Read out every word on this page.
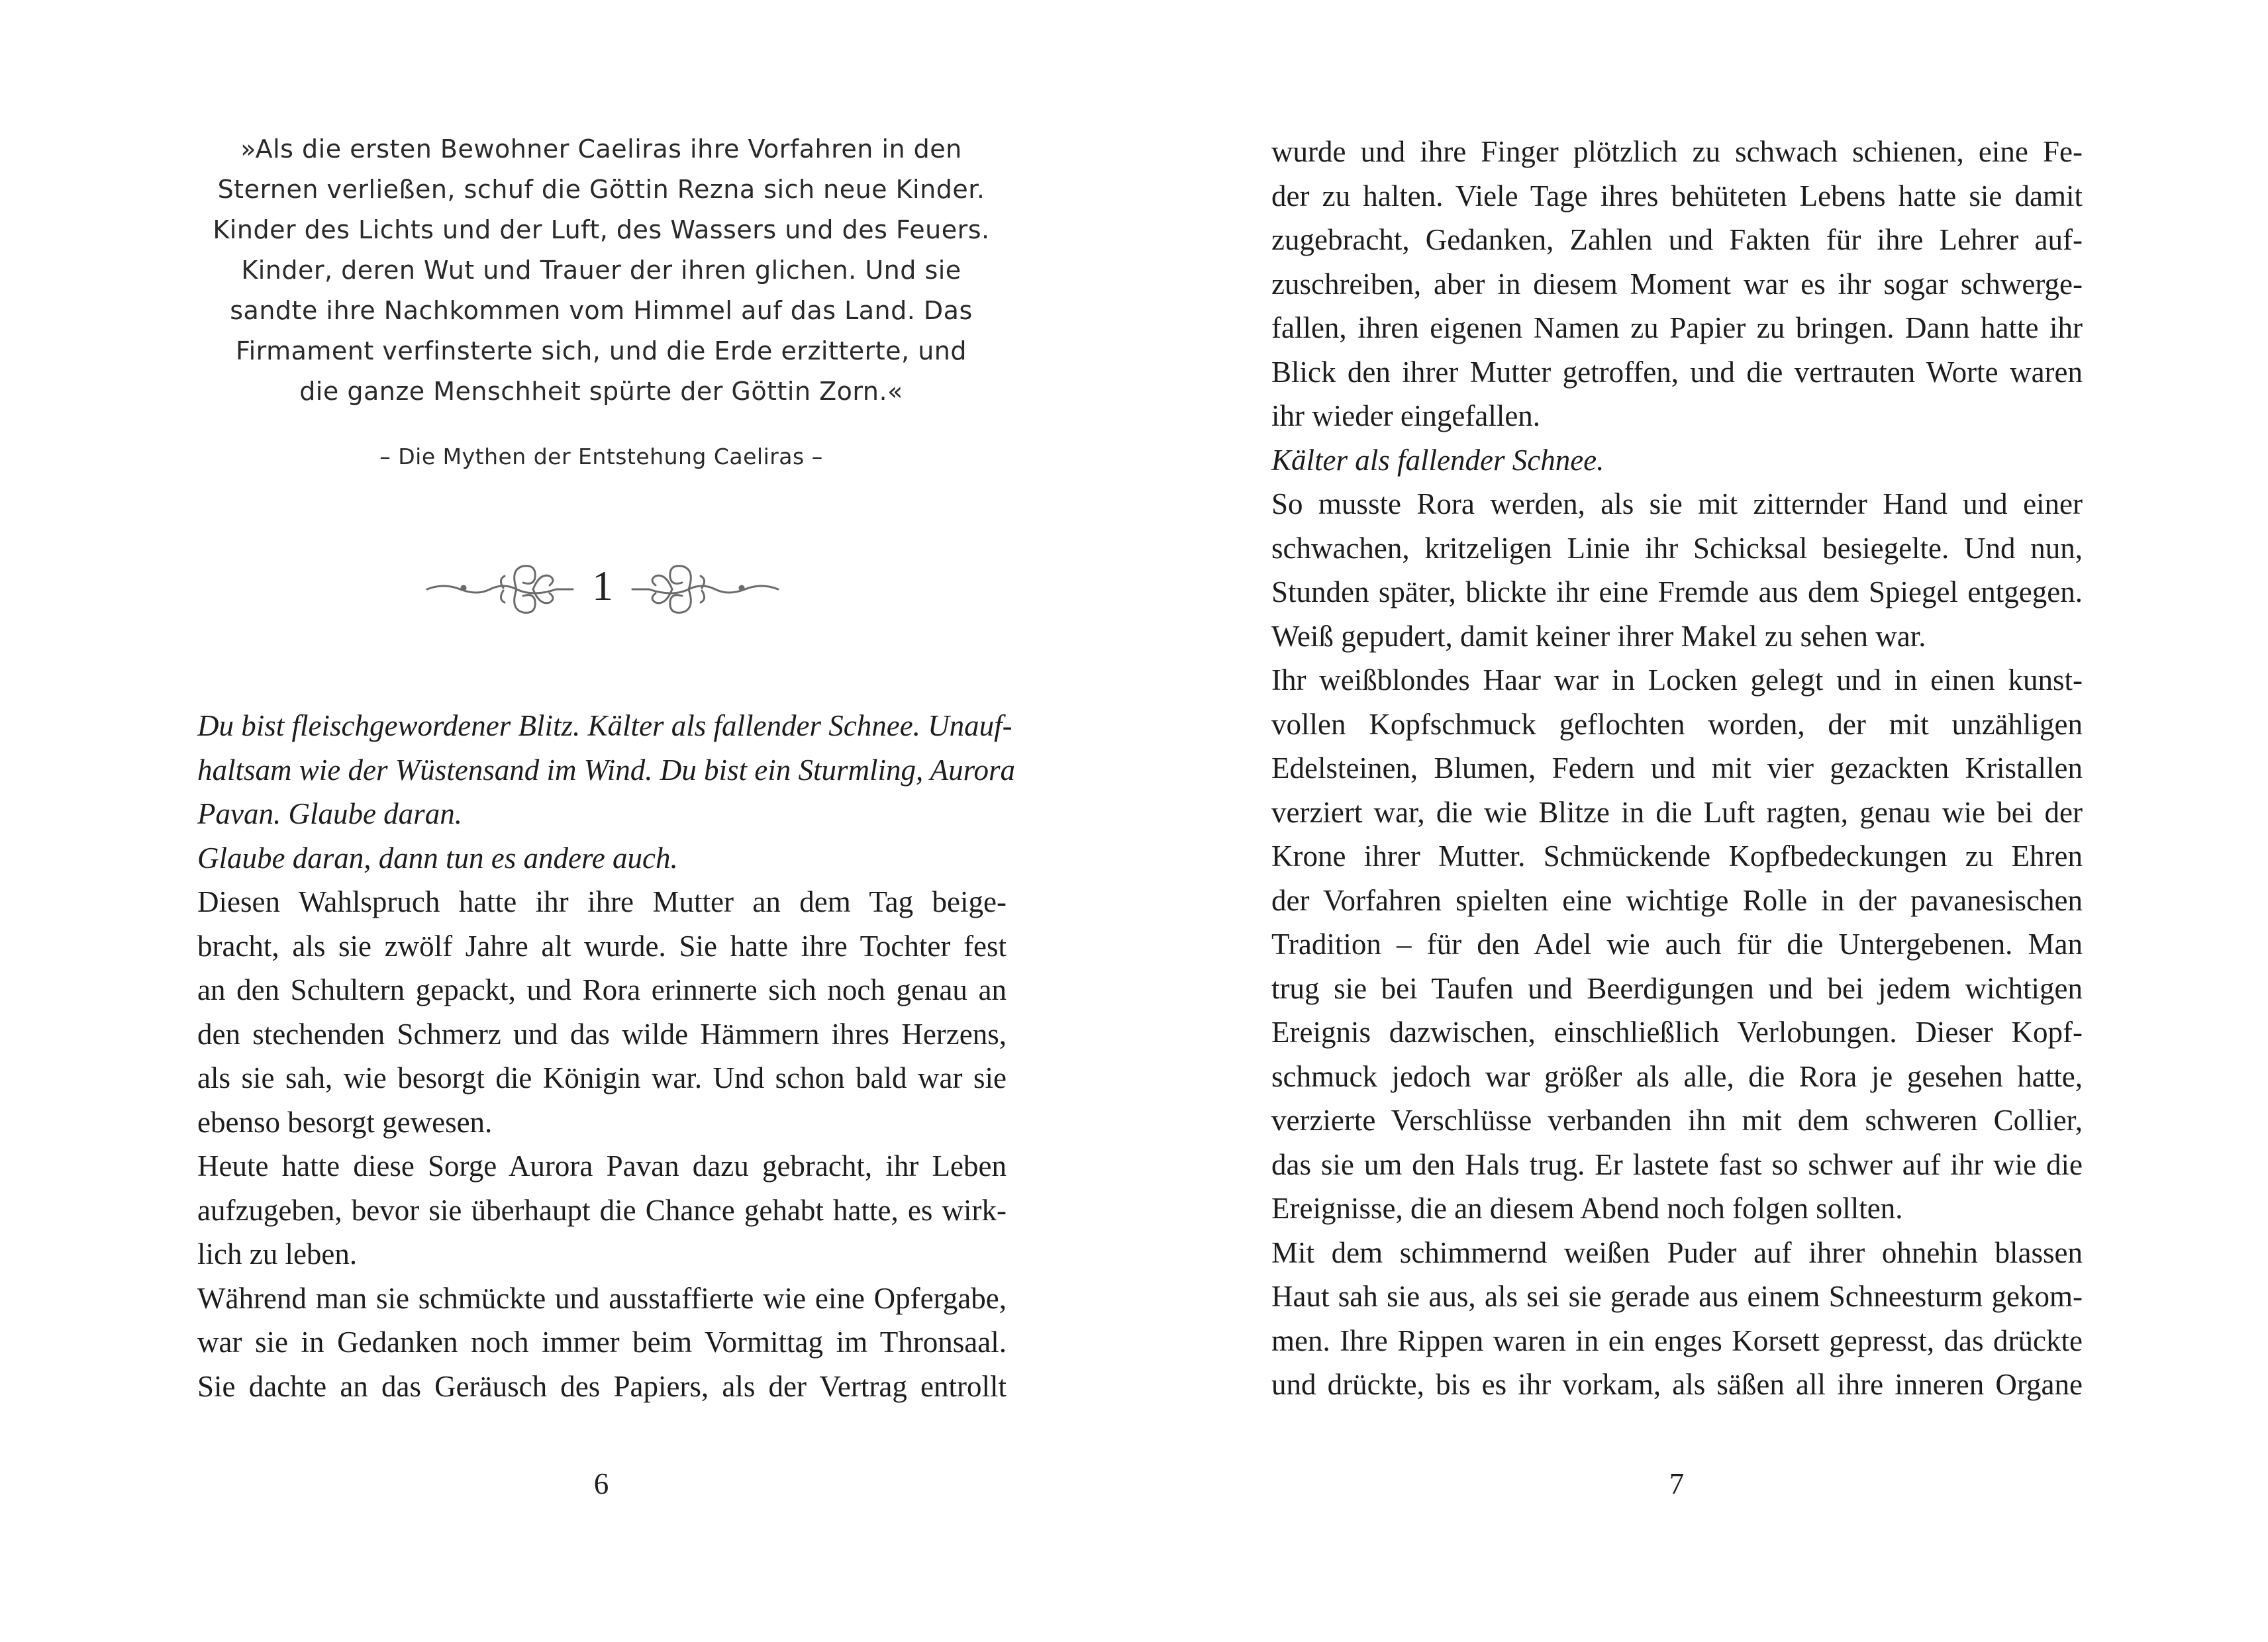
»Als die ersten Bewohner Caeliras ihre Vorfahren in den
Sternen verließen, schuf die Göttin Rezna sich neue Kinder.
Kinder des Lichts und der Luft, des Wassers und des Feuers.
Kinder, deren Wut und Trauer der ihren glichen. Und sie
sandte ihre Nachkommen vom Himmel auf das Land. Das
Firmament verfinsterte sich, und die Erde erzitterte, und
die ganze Menschheit spürte der Göttin Zorn.«
– Die Mythen der Entstehung Caeliras –
1
Du bist fleischgewordener Blitz. Kälter als fallender Schnee. Unauf-
haltsam wie der Wüstensand im Wind. Du bist ein Sturmling, Aurora
Pavan. Glaube daran.
Glaube daran, dann tun es andere auch.
Diesen Wahlspruch hatte ihr ihre Mutter an dem Tag beige-
bracht, als sie zwölf Jahre alt wurde. Sie hatte ihre Tochter fest
an den Schultern gepackt, und Rora erinnerte sich noch genau an
den stechenden Schmerz und das wilde Hämmern ihres Herzens,
als sie sah, wie besorgt die Königin war. Und schon bald war sie
ebenso besorgt gewesen.
Heute hatte diese Sorge Aurora Pavan dazu gebracht, ihr Leben
aufzugeben, bevor sie überhaupt die Chance gehabt hatte, es wirk-
lich zu leben.
Während man sie schmückte und ausstaffierte wie eine Opfergabe,
war sie in Gedanken noch immer beim Vormittag im Thronsaal.
Sie dachte an das Geräusch des Papiers, als der Vertrag entrollt
6
wurde und ihre Finger plötzlich zu schwach schienen, eine Fe-
der zu halten. Viele Tage ihres behüteten Lebens hatte sie damit
zugebracht, Gedanken, Zahlen und Fakten für ihre Lehrer auf-
zuschreiben, aber in diesem Moment war es ihr sogar schwerge-
fallen, ihren eigenen Namen zu Papier zu bringen. Dann hatte ihr
Blick den ihrer Mutter getroffen, und die vertrauten Worte waren
ihr wieder eingefallen.
Kälter als fallender Schnee.
So musste Rora werden, als sie mit zitternder Hand und einer
schwachen, kritzeligen Linie ihr Schicksal besiegelte. Und nun,
Stunden später, blickte ihr eine Fremde aus dem Spiegel entgegen.
Weiß gepudert, damit keiner ihrer Makel zu sehen war.
Ihr weißblondes Haar war in Locken gelegt und in einen kunst-
vollen Kopfschmuck geflochten worden, der mit unzähligen
Edelsteinen, Blumen, Federn und mit vier gezackten Kristallen
verziert war, die wie Blitze in die Luft ragten, genau wie bei der
Krone ihrer Mutter. Schmückende Kopfbedeckungen zu Ehren
der Vorfahren spielten eine wichtige Rolle in der pavanesischen
Tradition – für den Adel wie auch für die Untergebenen. Man
trug sie bei Taufen und Beerdigungen und bei jedem wichtigen
Ereignis dazwischen, einschließlich Verlobungen. Dieser Kopf-
schmuck jedoch war größer als alle, die Rora je gesehen hatte,
verzierte Verschlüsse verbanden ihn mit dem schweren Collier,
das sie um den Hals trug. Er lastete fast so schwer auf ihr wie die
Ereignisse, die an diesem Abend noch folgen sollten.
Mit dem schimmernd weißen Puder auf ihrer ohnehin blassen
Haut sah sie aus, als sei sie gerade aus einem Schneesturm gekom-
men. Ihre Rippen waren in ein enges Korsett gepresst, das drückte
und drückte, bis es ihr vorkam, als säßen all ihre inneren Organe
7
